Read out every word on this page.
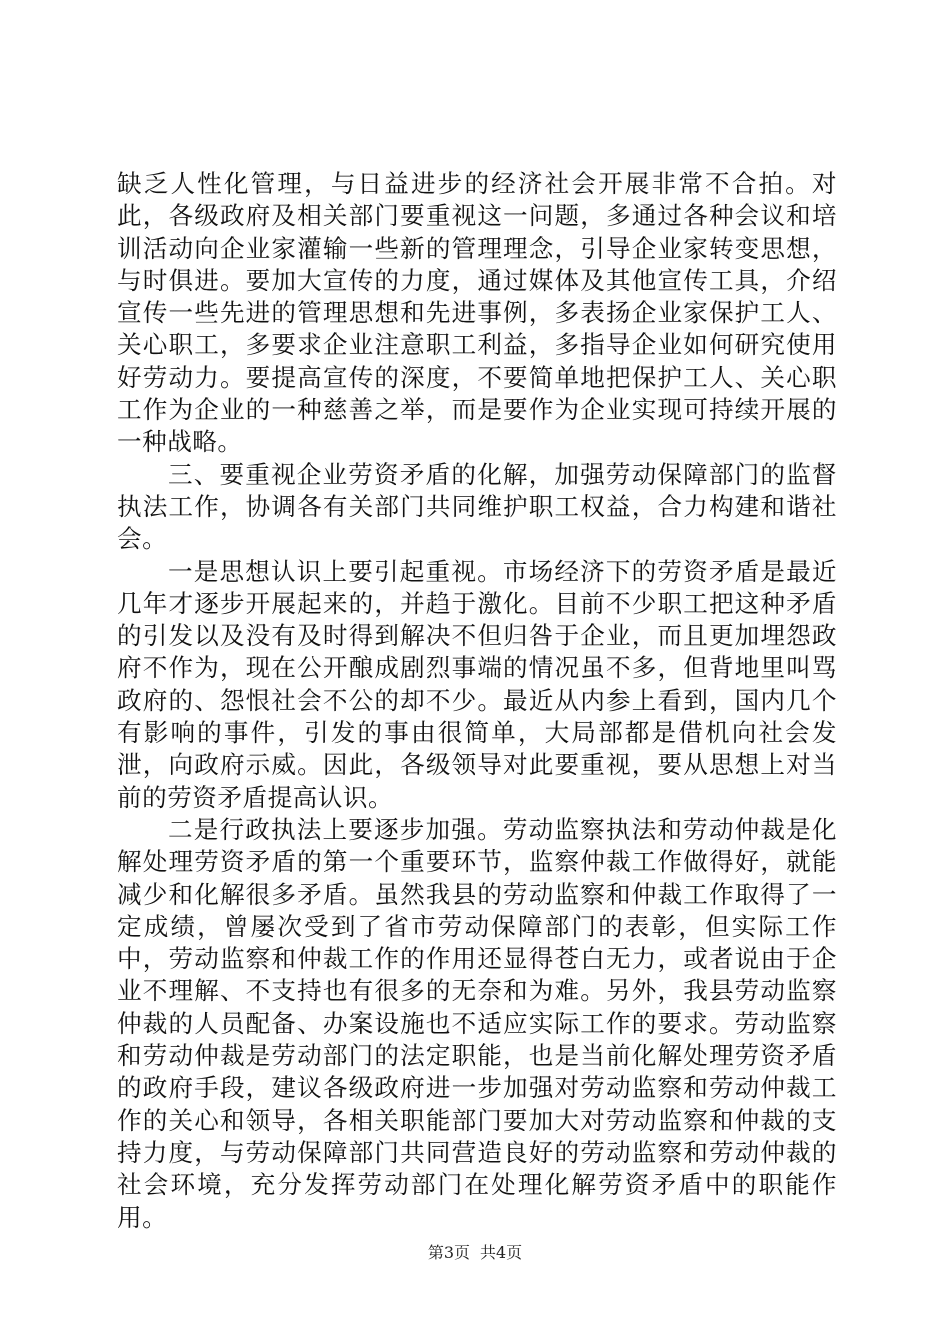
缺乏人性化管理，与日益进步的经济社会开展非常不合拍。对此，各级政府及相关部门要重视这一问题，多通过各种会议和培训活动向企业家灌输一些新的管理理念，引导企业家转变思想，与时俱进。要加大宣传的力度，通过媒体及其他宣传工具，介绍宣传一些先进的管理思想和先进事例，多表扬企业家保护工人、关心职工，多要求企业注意职工利益，多指导企业如何研究使用好劳动力。要提高宣传的深度，不要简单地把保护工人、关心职工作为企业的一种慈善之举，而是要作为企业实现可持续开展的一种战略。

三、要重视企业劳资矛盾的化解，加强劳动保障部门的监督执法工作，协调各有关部门共同维护职工权益，合力构建和谐社会。

一是思想认识上要引起重视。市场经济下的劳资矛盾是最近几年才逐步开展起来的，并趋于激化。目前不少职工把这种矛盾的引发以及没有及时得到解决不但归咎于企业，而且更加埋怨政府不作为，现在公开酿成剧烈事端的情况虽不多，但背地里叫骂政府的、怨恨社会不公的却不少。最近从内参上看到，国内几个有影响的事件，引发的事由很简单，大局部都是借机向社会发泄，向政府示威。因此，各级领导对此要重视，要从思想上对当前的劳资矛盾提高认识。

二是行政执法上要逐步加强。劳动监察执法和劳动仲裁是化解处理劳资矛盾的第一个重要环节，监察仲裁工作做得好，就能减少和化解很多矛盾。虽然我县的劳动监察和仲裁工作取得了一定成绩，曾屡次受到了省市劳动保障部门的表彰，但实际工作中，劳动监察和仲裁工作的作用还显得苍白无力，或者说由于企业不理解、不支持也有很多的无奈和为难。另外，我县劳动监察仲裁的人员配备、办案设施也不适应实际工作的要求。劳动监察和劳动仲裁是劳动部门的法定职能，也是当前化解处理劳资矛盾的政府手段，建议各级政府进一步加强对劳动监察和劳动仲裁工作的关心和领导，各相关职能部门要加大对劳动监察和仲裁的支持力度，与劳动保障部门共同营造良好的劳动监察和劳动仲裁的社会环境，充分发挥劳动部门在处理化解劳资矛盾中的职能作用。

第3页 共4页
